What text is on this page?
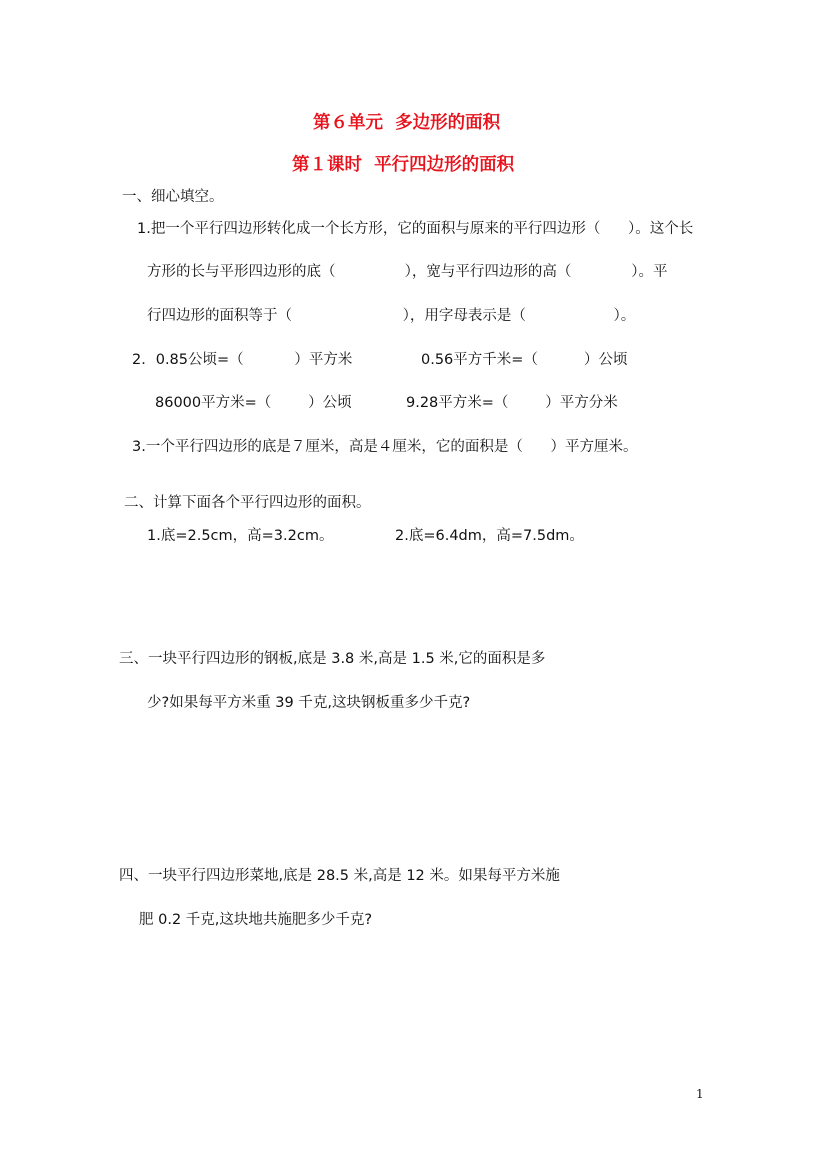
第６单元  多边形的面积
第１课时  平行四边形的面积
一、细心填空。
1.把一个平行四边形转化成一个长方形，它的面积与原来的平行四边形（      ）。这个长
方形的长与平形四边形的底（               ），宽与平行四边形的高（             ）。平
行四边形的面积等于（                        ），用字母表示是（                   ）。
2．0.85公顷=（           ）平方米	0.56平方千米=（          ）公顷
86000平方米=（        ）公顷	9.28平方米=（        ）平方分米
3.一个平行四边形的底是７厘米，高是４厘米，它的面积是（      ）平方厘米。
二、计算下面各个平行四边形的面积。
1.底=2.5cm，高=3.2cm。	2.底=6.4dm，高=7.5dm。
三、一块平行四边形的钢板,底是 3.8 米,高是 1.5 米,它的面积是多
少?如果每平方米重 39 千克,这块钢板重多少千克?
四、一块平行四边形菜地,底是 28.5 米,高是 12 米。如果每平方米施
肥 0.2 千克,这块地共施肥多少千克?
1
